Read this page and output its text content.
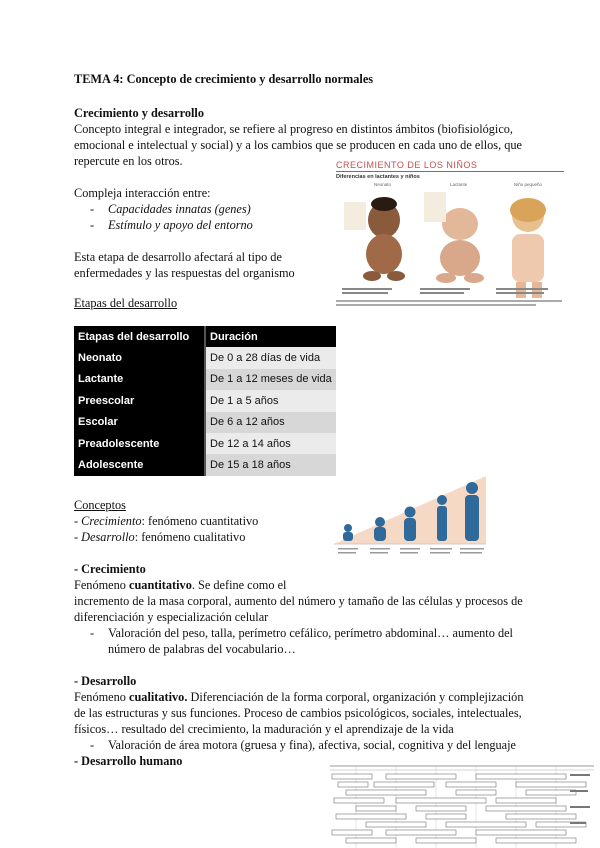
TEMA 4: Concepto de crecimiento y desarrollo normales
Crecimiento y desarrollo
Concepto integral e integrador, se refiere al progreso en distintos ámbitos (biofisiológico,
emocional e intelectual y social) y a los cambios que se producen en cada uno de ellos, que
repercute en los otros.
Compleja interacción entre:
- Capacidades innatas (genes)
- Estímulo y apoyo del entorno
Esta etapa de desarrollo afectará al tipo de
enfermedades y las respuestas del organismo
CRECIMIENTO DE LOS NIÑOS
Diferencias en lactantes y niños
Neonato	Lactante	Niño pequeño
Etapas del desarrollo
Etapas del desarrollo	Duración
Neonato	De 0 a 28 días de vida
Lactante	De 1 a 12 meses de vida
Preescolar	De 1 a 5 años
Escolar	De 6 a 12 años
Preadolescente	De 12 a 14 años
Adolescente	De 15 a 18 años
Conceptos
- Crecimiento: fenómeno cuantitativo
- Desarrollo: fenómeno cualitativo
- Crecimiento
Fenómeno cuantitativo. Se define como el
incremento de la masa corporal, aumento del número y tamaño de las células y procesos de
diferenciación y especialización celular
- Valoración del peso, talla, perímetro cefálico, perímetro abdominal… aumento del
número de palabras del vocabulario…
- Desarrollo
Fenómeno cualitativo. Diferenciación de la forma corporal, organización y complejización
de las estructuras y sus funciones. Proceso de cambios psicológicos, sociales, intelectuales,
físicos… resultado del crecimiento, la maduración y el aprendizaje de la vida
- Valoración de área motora (gruesa y fina), afectiva, social, cognitiva y del lenguaje
- Desarrollo humano
